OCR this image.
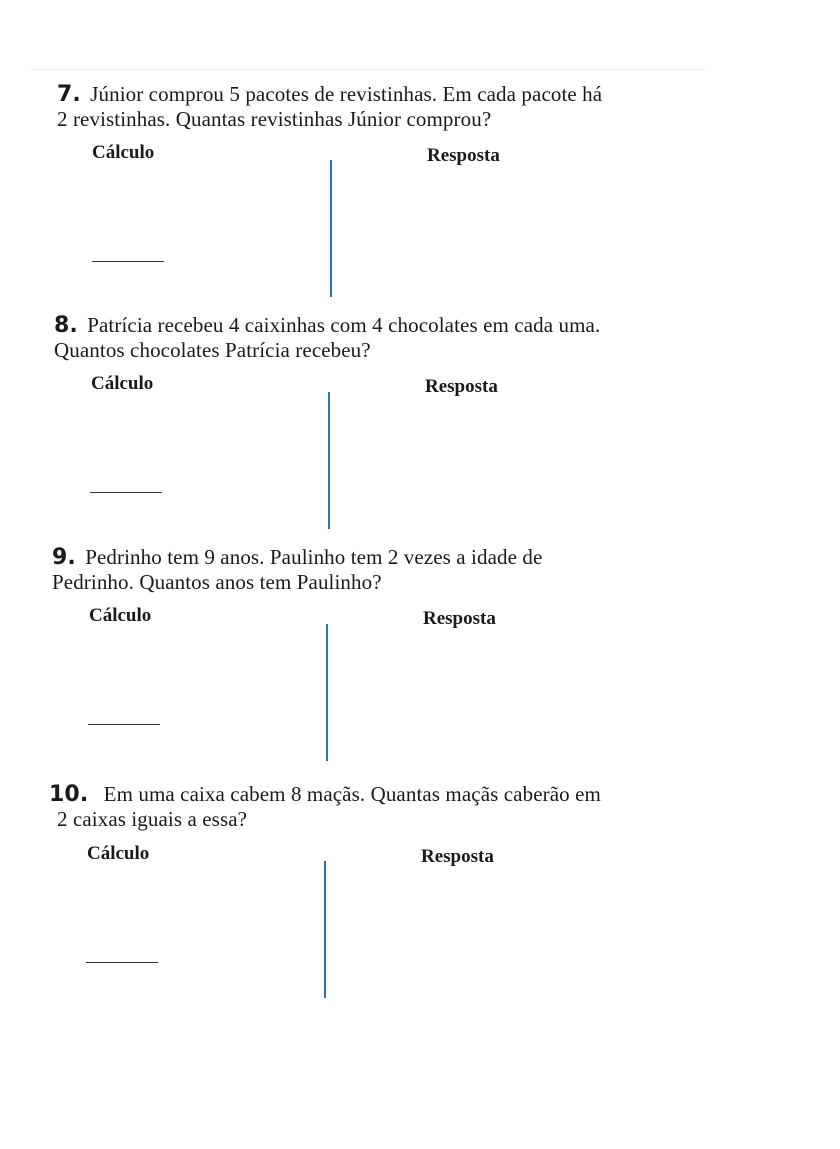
7. Júnior comprou 5 pacotes de revistinhas. Em cada pacote há
2 revistinhas. Quantas revistinhas Júnior comprou?
Cálculo	Resposta
8. Patrícia recebeu 4 caixinhas com 4 chocolates em cada uma.
Quantos chocolates Patrícia recebeu?
Cálculo	Resposta
9. Pedrinho tem 9 anos. Paulinho tem 2 vezes a idade de
Pedrinho. Quantos anos tem Paulinho?
Cálculo	Resposta
10. Em uma caixa cabem 8 maçãs. Quantas maçãs caberão em
2 caixas iguais a essa?
Cálculo	Resposta
